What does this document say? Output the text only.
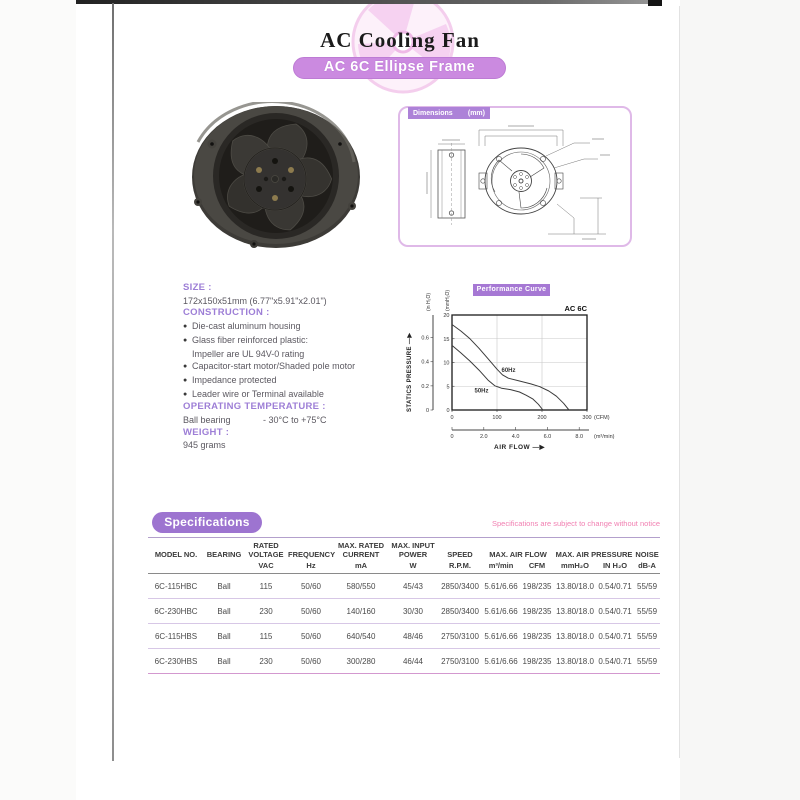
AC Cooling Fan
AC 6C Ellipse Frame
Dimensions (mm)
SIZE :
172x150x51mm (6.77"x5.91"x2.01")
CONSTRUCTION :
● Die-cast aluminum housing
● Glass fiber reinforced plastic:
Impeller are UL 94V-0 rating
● Capacitor-start motor/Shaded pole motor
● Impedance protected
● Leader wire or Terminal available
OPERATING TEMPERATURE :
Ball bearing	- 30°C to +75°C
WEIGHT :
945 grams
0	100	200	300 (CFM)
0
5
10
15
20
0
0.2
0.4
0.6
0	2.0	4.0	6.0	8.0 (m³/min)
AIR FLOW —▶
STATICS PRESSURE —▶
(in H₂O)	(mmH₂O)	AC 6C
60Hz
50Hz
Performance Curve
Specifications	Specifications are subject to change without notice
MODEL NO.	BEARING	RATED VOLTAGE	FREQUENCY	MAX. RATED CURRENT	MAX. INPUT POWER	SPEED	MAX. AIR FLOW		MAX. AIR PRESSURE		NOISE
		VAC	Hz	mA	W	R.P.M.	m³/min	CFM	mmH₂O	IN H₂O	dB-A
6C-115HBC	Ball	115	50/60	580/550	45/43	2850/3400	5.61/6.66	198/235	13.80/18.0	0.54/0.71	55/59
6C-230HBC	Ball	230	50/60	140/160	30/30	2850/3400	5.61/6.66	198/235	13.80/18.0	0.54/0.71	55/59
6C-115HBS	Ball	115	50/60	640/540	48/46	2750/3100	5.61/6.66	198/235	13.80/18.0	0.54/0.71	55/59
6C-230HBS	Ball	230	50/60	300/280	46/44	2750/3100	5.61/6.66	198/235	13.80/18.0	0.54/0.71	55/59
